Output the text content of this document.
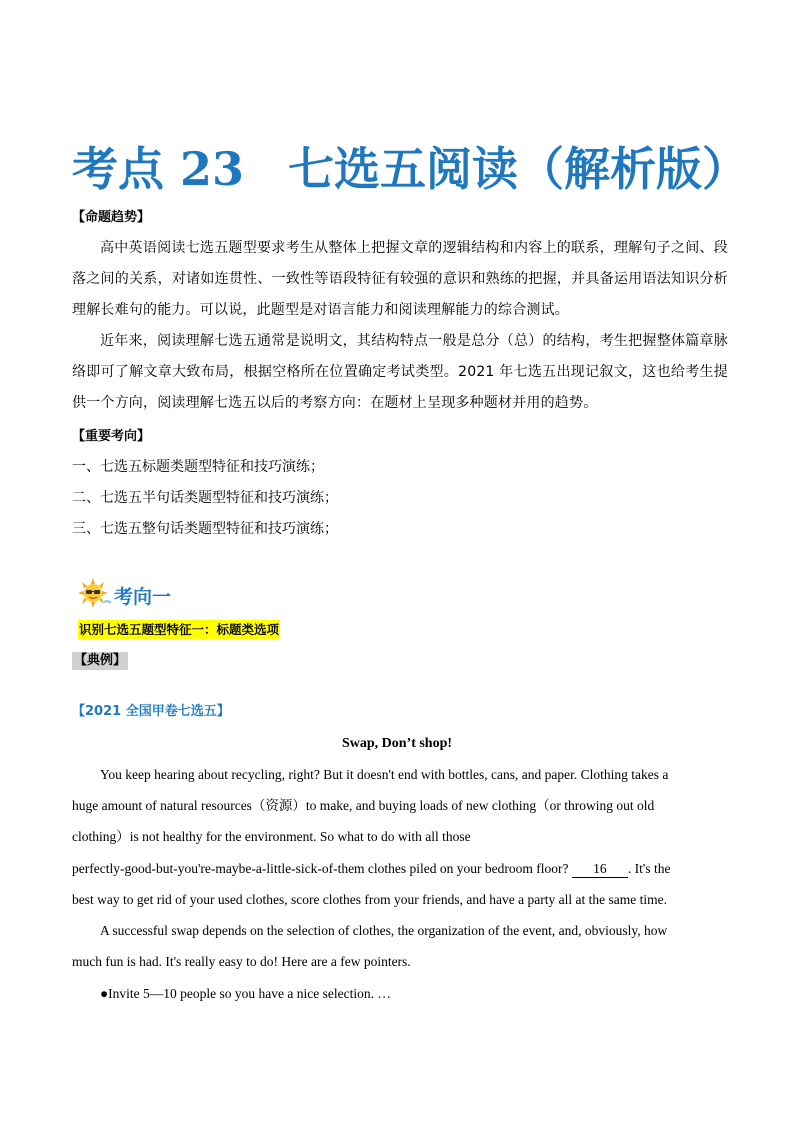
考点 23 七选五阅读（解析版）
【命题趋势】
高中英语阅读七选五题型要求考生从整体上把握文章的逻辑结构和内容上的联系，理解句子之间、段落之间的关系，对诸如连贯性、一致性等语段特征有较强的意识和熟练的把握，并具备运用语法知识分析理解长难句的能力。可以说，此题型是对语言能力和阅读理解能力的综合测试。
近年来，阅读理解七选五通常是说明文，其结构特点一般是总分（总）的结构，考生把握整体篇章脉络即可了解文章大致布局，根据空格所在位置确定考试类型。2021 年七选五出现记叙文，这也给考生提供一个方向，阅读理解七选五以后的考察方向：在题材上呈现多种题材并用的趋势。
【重要考向】
一、七选五标题类题型特征和技巧演练；
二、七选五半句话类题型特征和技巧演练；
三、七选五整句话类题型特征和技巧演练；
考向一
识别七选五题型特征一：标题类选项
【典例】
【2021 全国甲卷七选五】
Swap, Don’t shop!
You keep hearing about recycling, right? But it doesn't end with bottles, cans, and paper. Clothing takes a
huge amount of natural resources（资源）to make, and buying loads of new clothing（or throwing out old
clothing）is not healthy for the environment. So what to do with all those
perfectly-good-but-you're-maybe-a-little-sick-of-them clothes piled on your bedroom floor? 16 . It's the
best way to get rid of your used clothes, score clothes from your friends, and have a party all at the same time.
A successful swap depends on the selection of clothes, the organization of the event, and, obviously, how
much fun is had. It's really easy to do! Here are a few pointers.
●Invite 5—10 people so you have a nice selection. …
